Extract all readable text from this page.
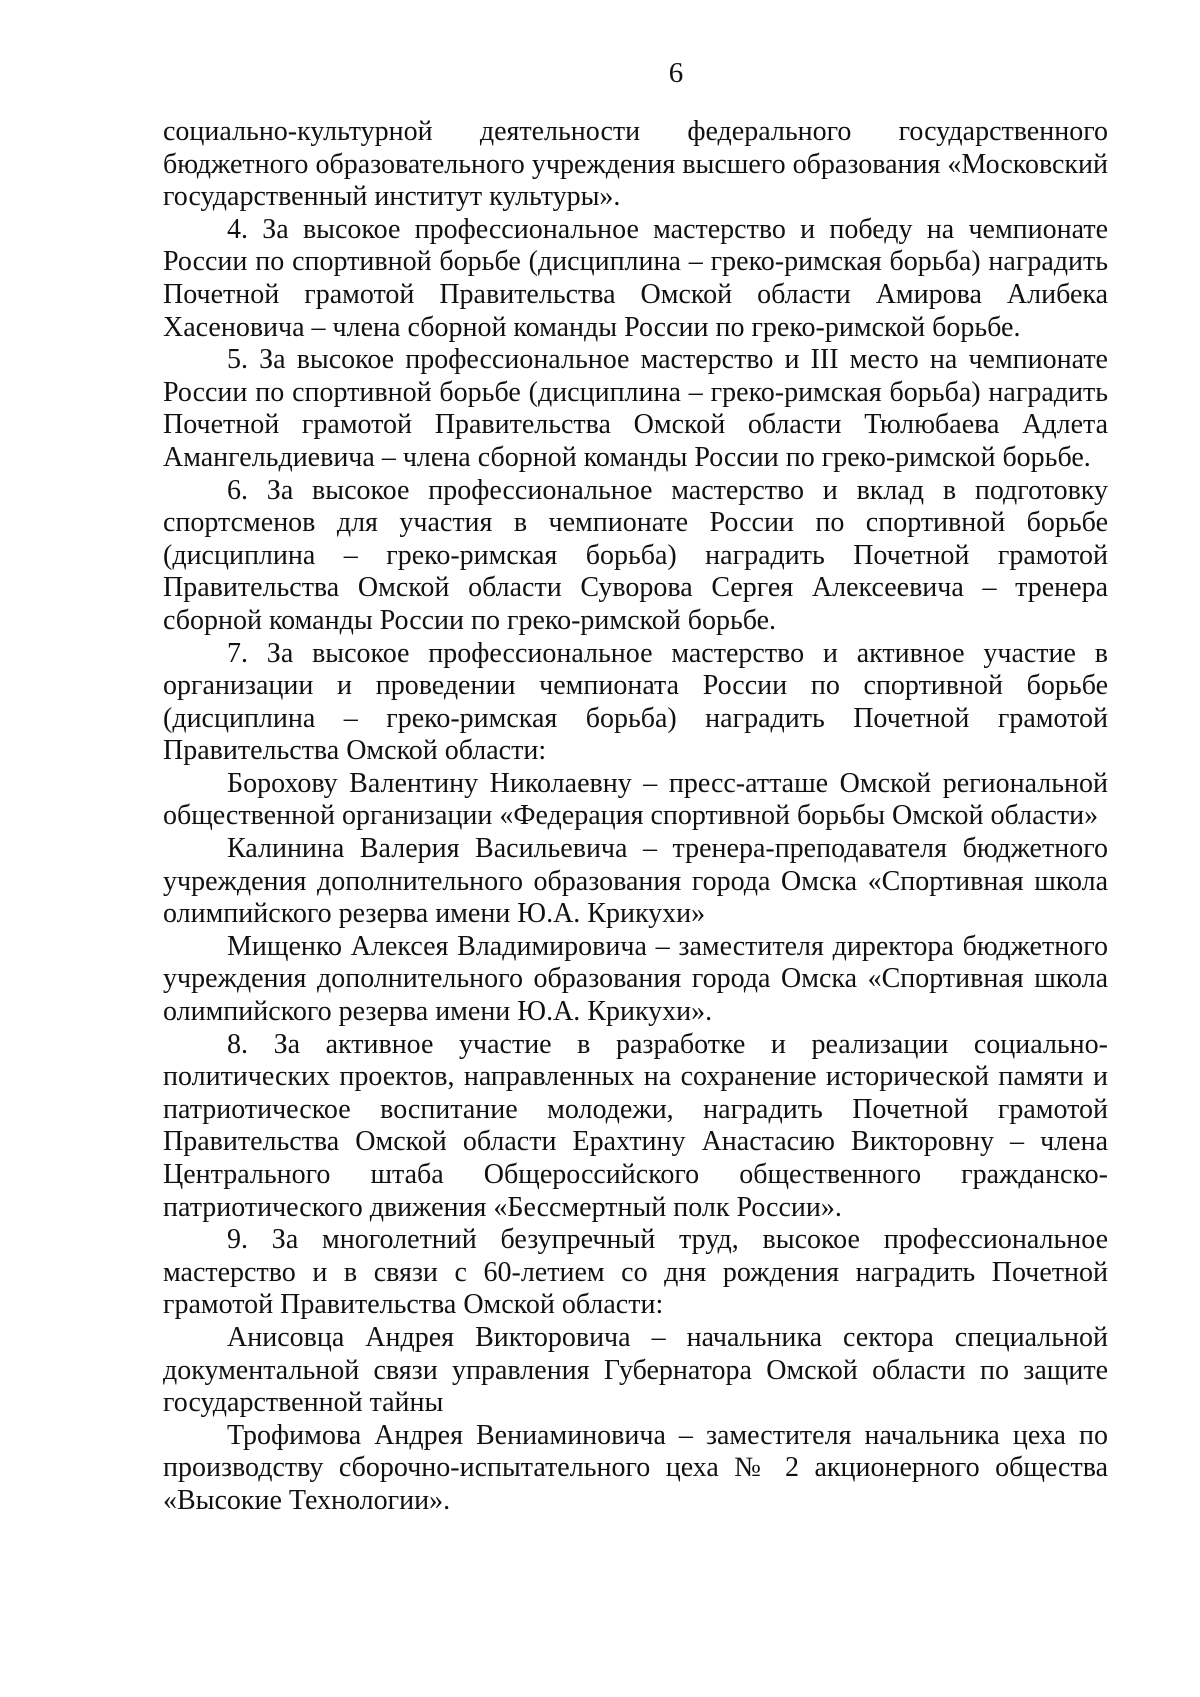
6

социально-культурной деятельности федерального государственного бюджетного образовательного учреждения высшего образования «Московский государственный институт культуры».

4. За высокое профессиональное мастерство и победу на чемпионате России по спортивной борьбе (дисциплина – греко-римская борьба) наградить Почетной грамотой Правительства Омской области Амирова Алибека Хасеновича – члена сборной команды России по греко-римской борьбе.

5. За высокое профессиональное мастерство и III место на чемпионате России по спортивной борьбе (дисциплина – греко-римская борьба) наградить Почетной грамотой Правительства Омской области Тюлюбаева Адлета Амангельдиевича – члена сборной команды России по греко-римской борьбе.

6. За высокое профессиональное мастерство и вклад в подготовку спортсменов для участия в чемпионате России по спортивной борьбе (дисциплина – греко-римская борьба) наградить Почетной грамотой Правительства Омской области Суворова Сергея Алексеевича – тренера сборной команды России по греко-римской борьбе.

7. За высокое профессиональное мастерство и активное участие в организации и проведении чемпионата России по спортивной борьбе (дисциплина – греко-римская борьба) наградить Почетной грамотой Правительства Омской области:

Борохову Валентину Николаевну – пресс-атташе Омской региональной общественной организации «Федерация спортивной борьбы Омской области»

Калинина Валерия Васильевича – тренера-преподавателя бюджетного учреждения дополнительного образования города Омска «Спортивная школа олимпийского резерва имени Ю.А. Крикухи»

Мищенко Алексея Владимировича – заместителя директора бюджетного учреждения дополнительного образования города Омска «Спортивная школа олимпийского резерва имени Ю.А. Крикухи».

8. За активное участие в разработке и реализации социально-политических проектов, направленных на сохранение исторической памяти и патриотическое воспитание молодежи, наградить Почетной грамотой Правительства Омской области Ерахтину Анастасию Викторовну – члена Центрального штаба Общероссийского общественного гражданско-патриотического движения «Бессмертный полк России».

9. За многолетний безупречный труд, высокое профессиональное мастерство и в связи с 60-летием со дня рождения наградить Почетной грамотой Правительства Омской области:

Анисовца Андрея Викторовича – начальника сектора специальной документальной связи управления Губернатора Омской области по защите государственной тайны

Трофимова Андрея Вениаминовича – заместителя начальника цеха по производству сборочно-испытательного цеха № 2 акционерного общества «Высокие Технологии».
